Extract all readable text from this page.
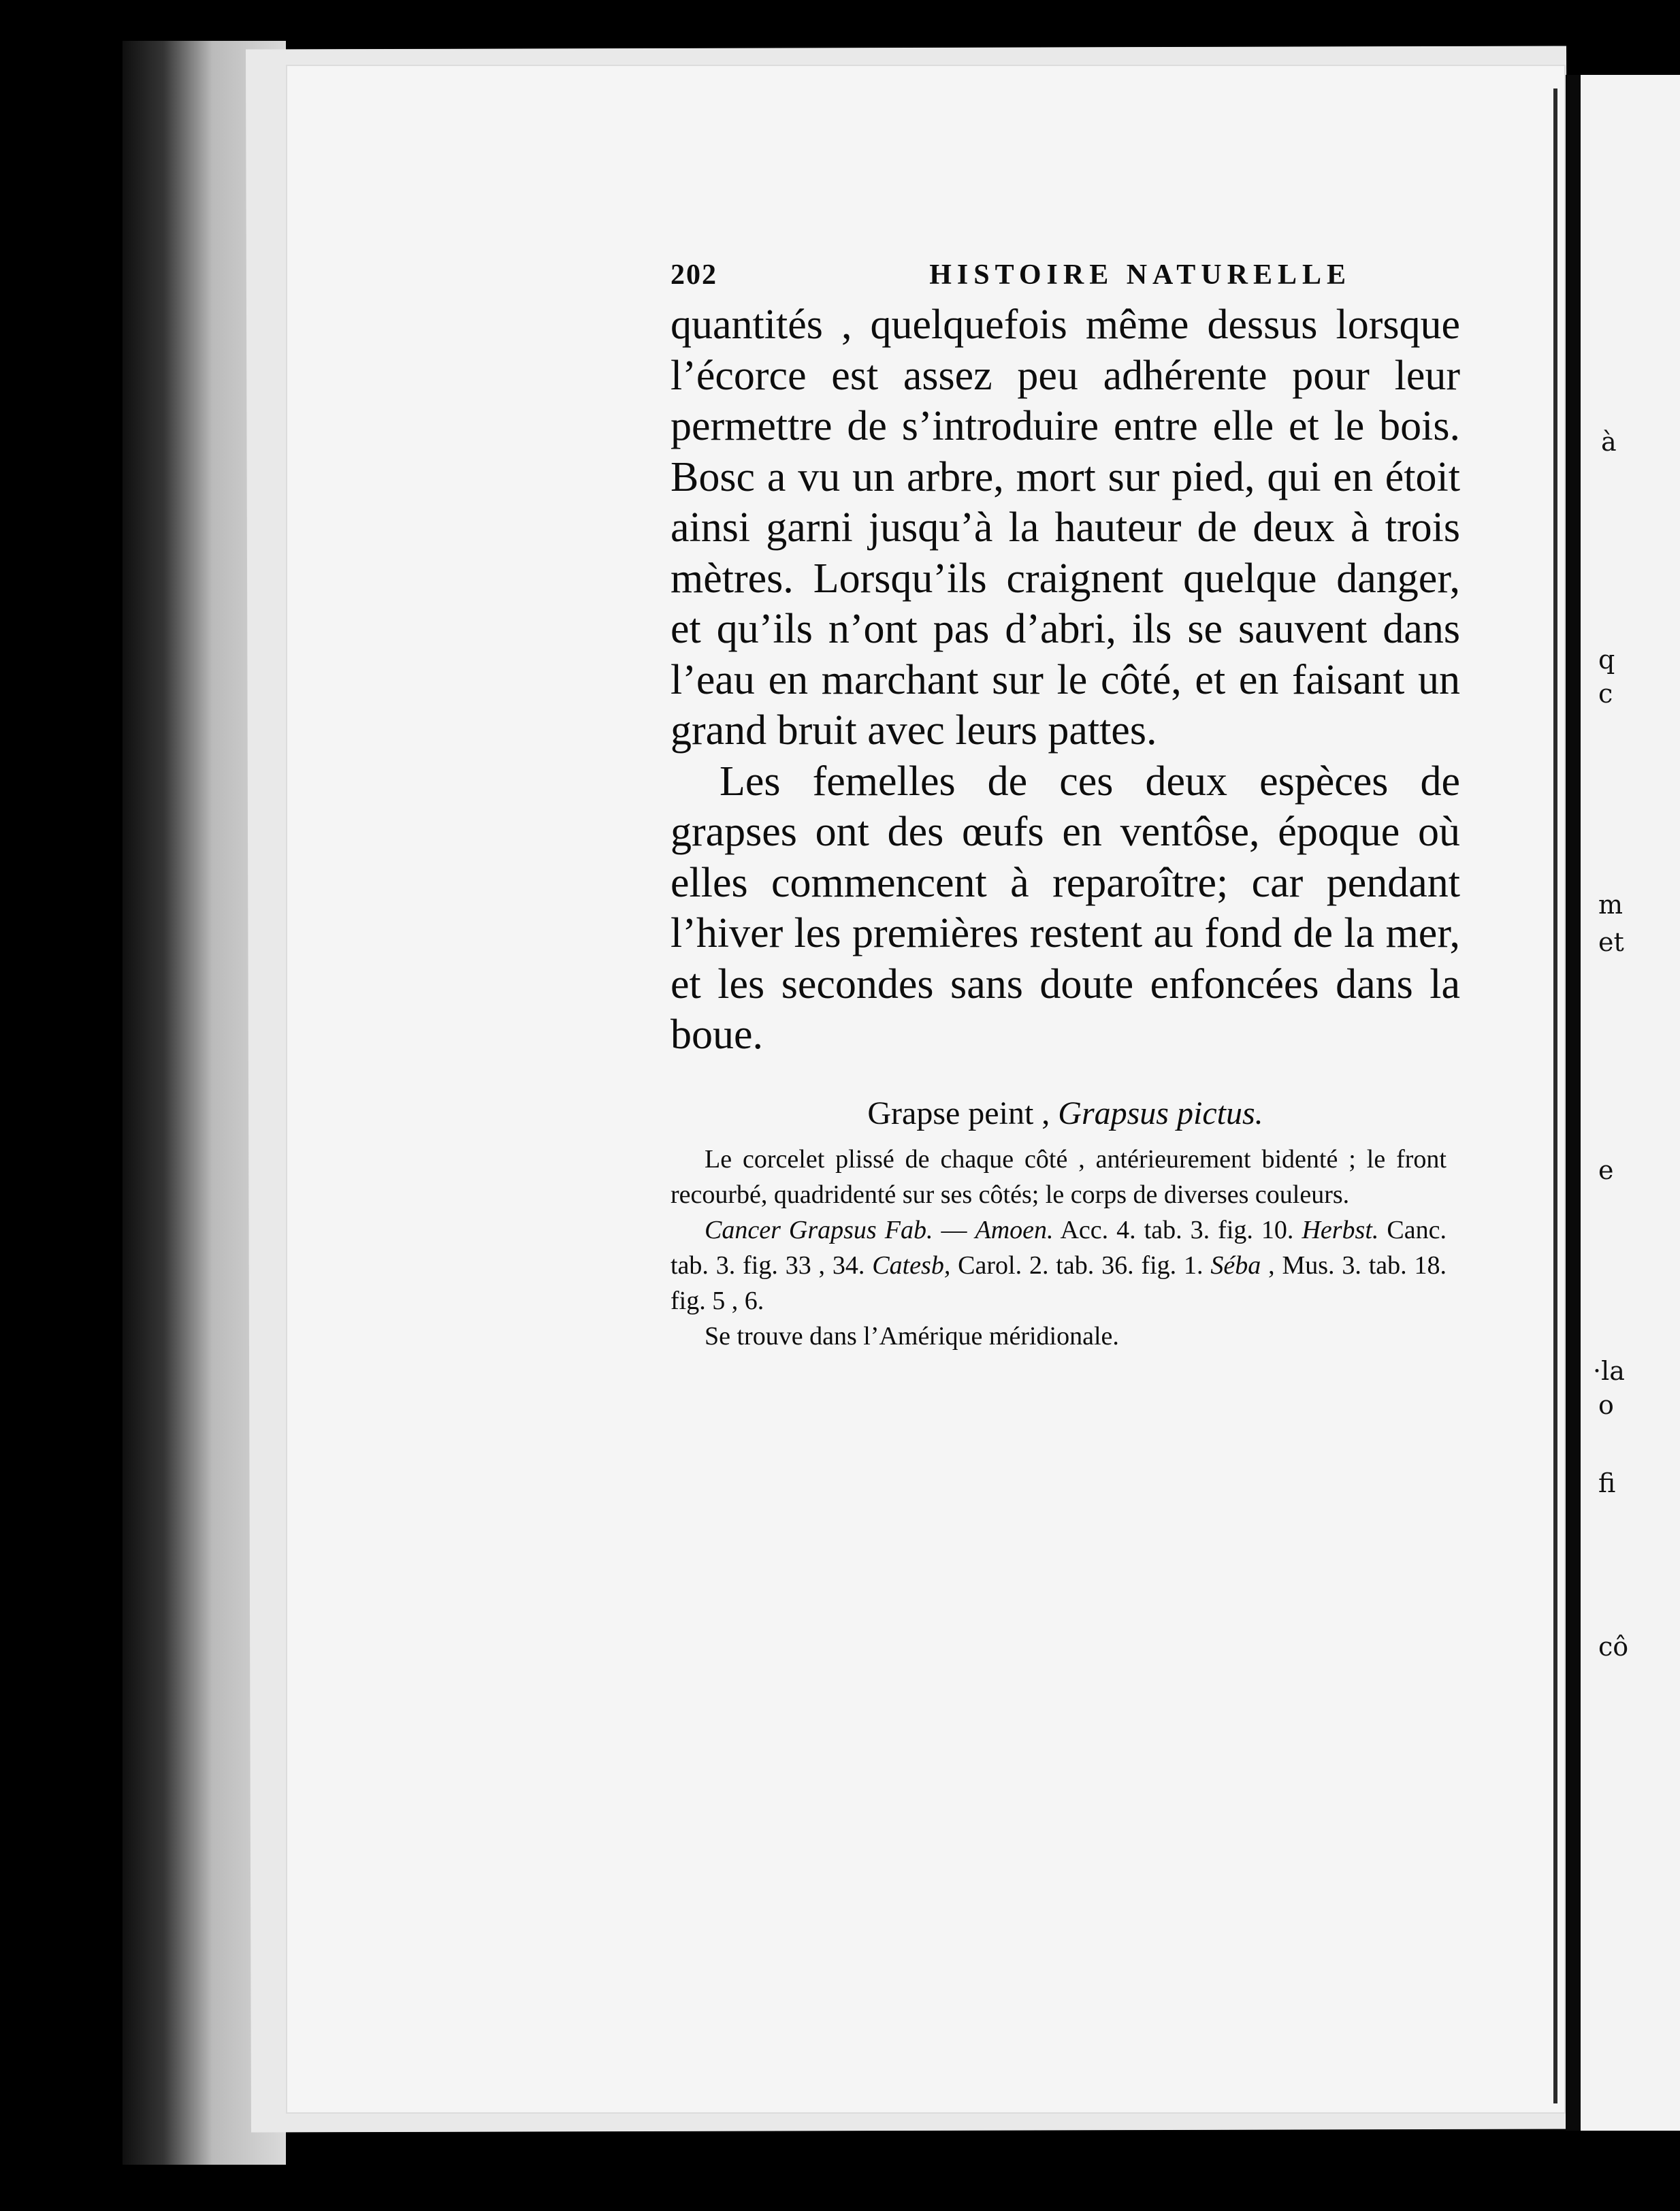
à
q
c
m
et
e
·la
o
fi
cô
202	HISTOIRE NATURELLE

quantités , quelquefois même dessus lorsque l’écorce est assez peu adhérente pour leur permettre de s’introduire entre elle et le bois. Bosc a vu un arbre, mort sur pied, qui en étoit ainsi garni jusqu’à la hauteur de deux à trois mètres. Lorsqu’ils craignent quelque danger, et qu’ils n’ont pas d’abri, ils se sauvent dans l’eau en marchant sur le côté, et en faisant un grand bruit avec leurs pattes.

Les femelles de ces deux espèces de grapses ont des œufs en ventôse, époque où elles commencent à reparoître; car pendant l’hiver les premières restent au fond de la mer, et les secondes sans doute enfoncées dans la boue.

Grapse peint , Grapsus pictus.

Le corcelet plissé de chaque côté , antérieurement bidenté ; le front recourbé, quadridenté sur ses côtés; le corps de diverses couleurs.

Cancer Grapsus Fab. — Amoen. Acc. 4. tab. 3. fig. 10. Herbst. Canc. tab. 3. fig. 33 , 34. Catesb, Carol. 2. tab. 36. fig. 1. Séba , Mus. 3. tab. 18. fig. 5 , 6.

Se trouve dans l’Amérique méridionale.
